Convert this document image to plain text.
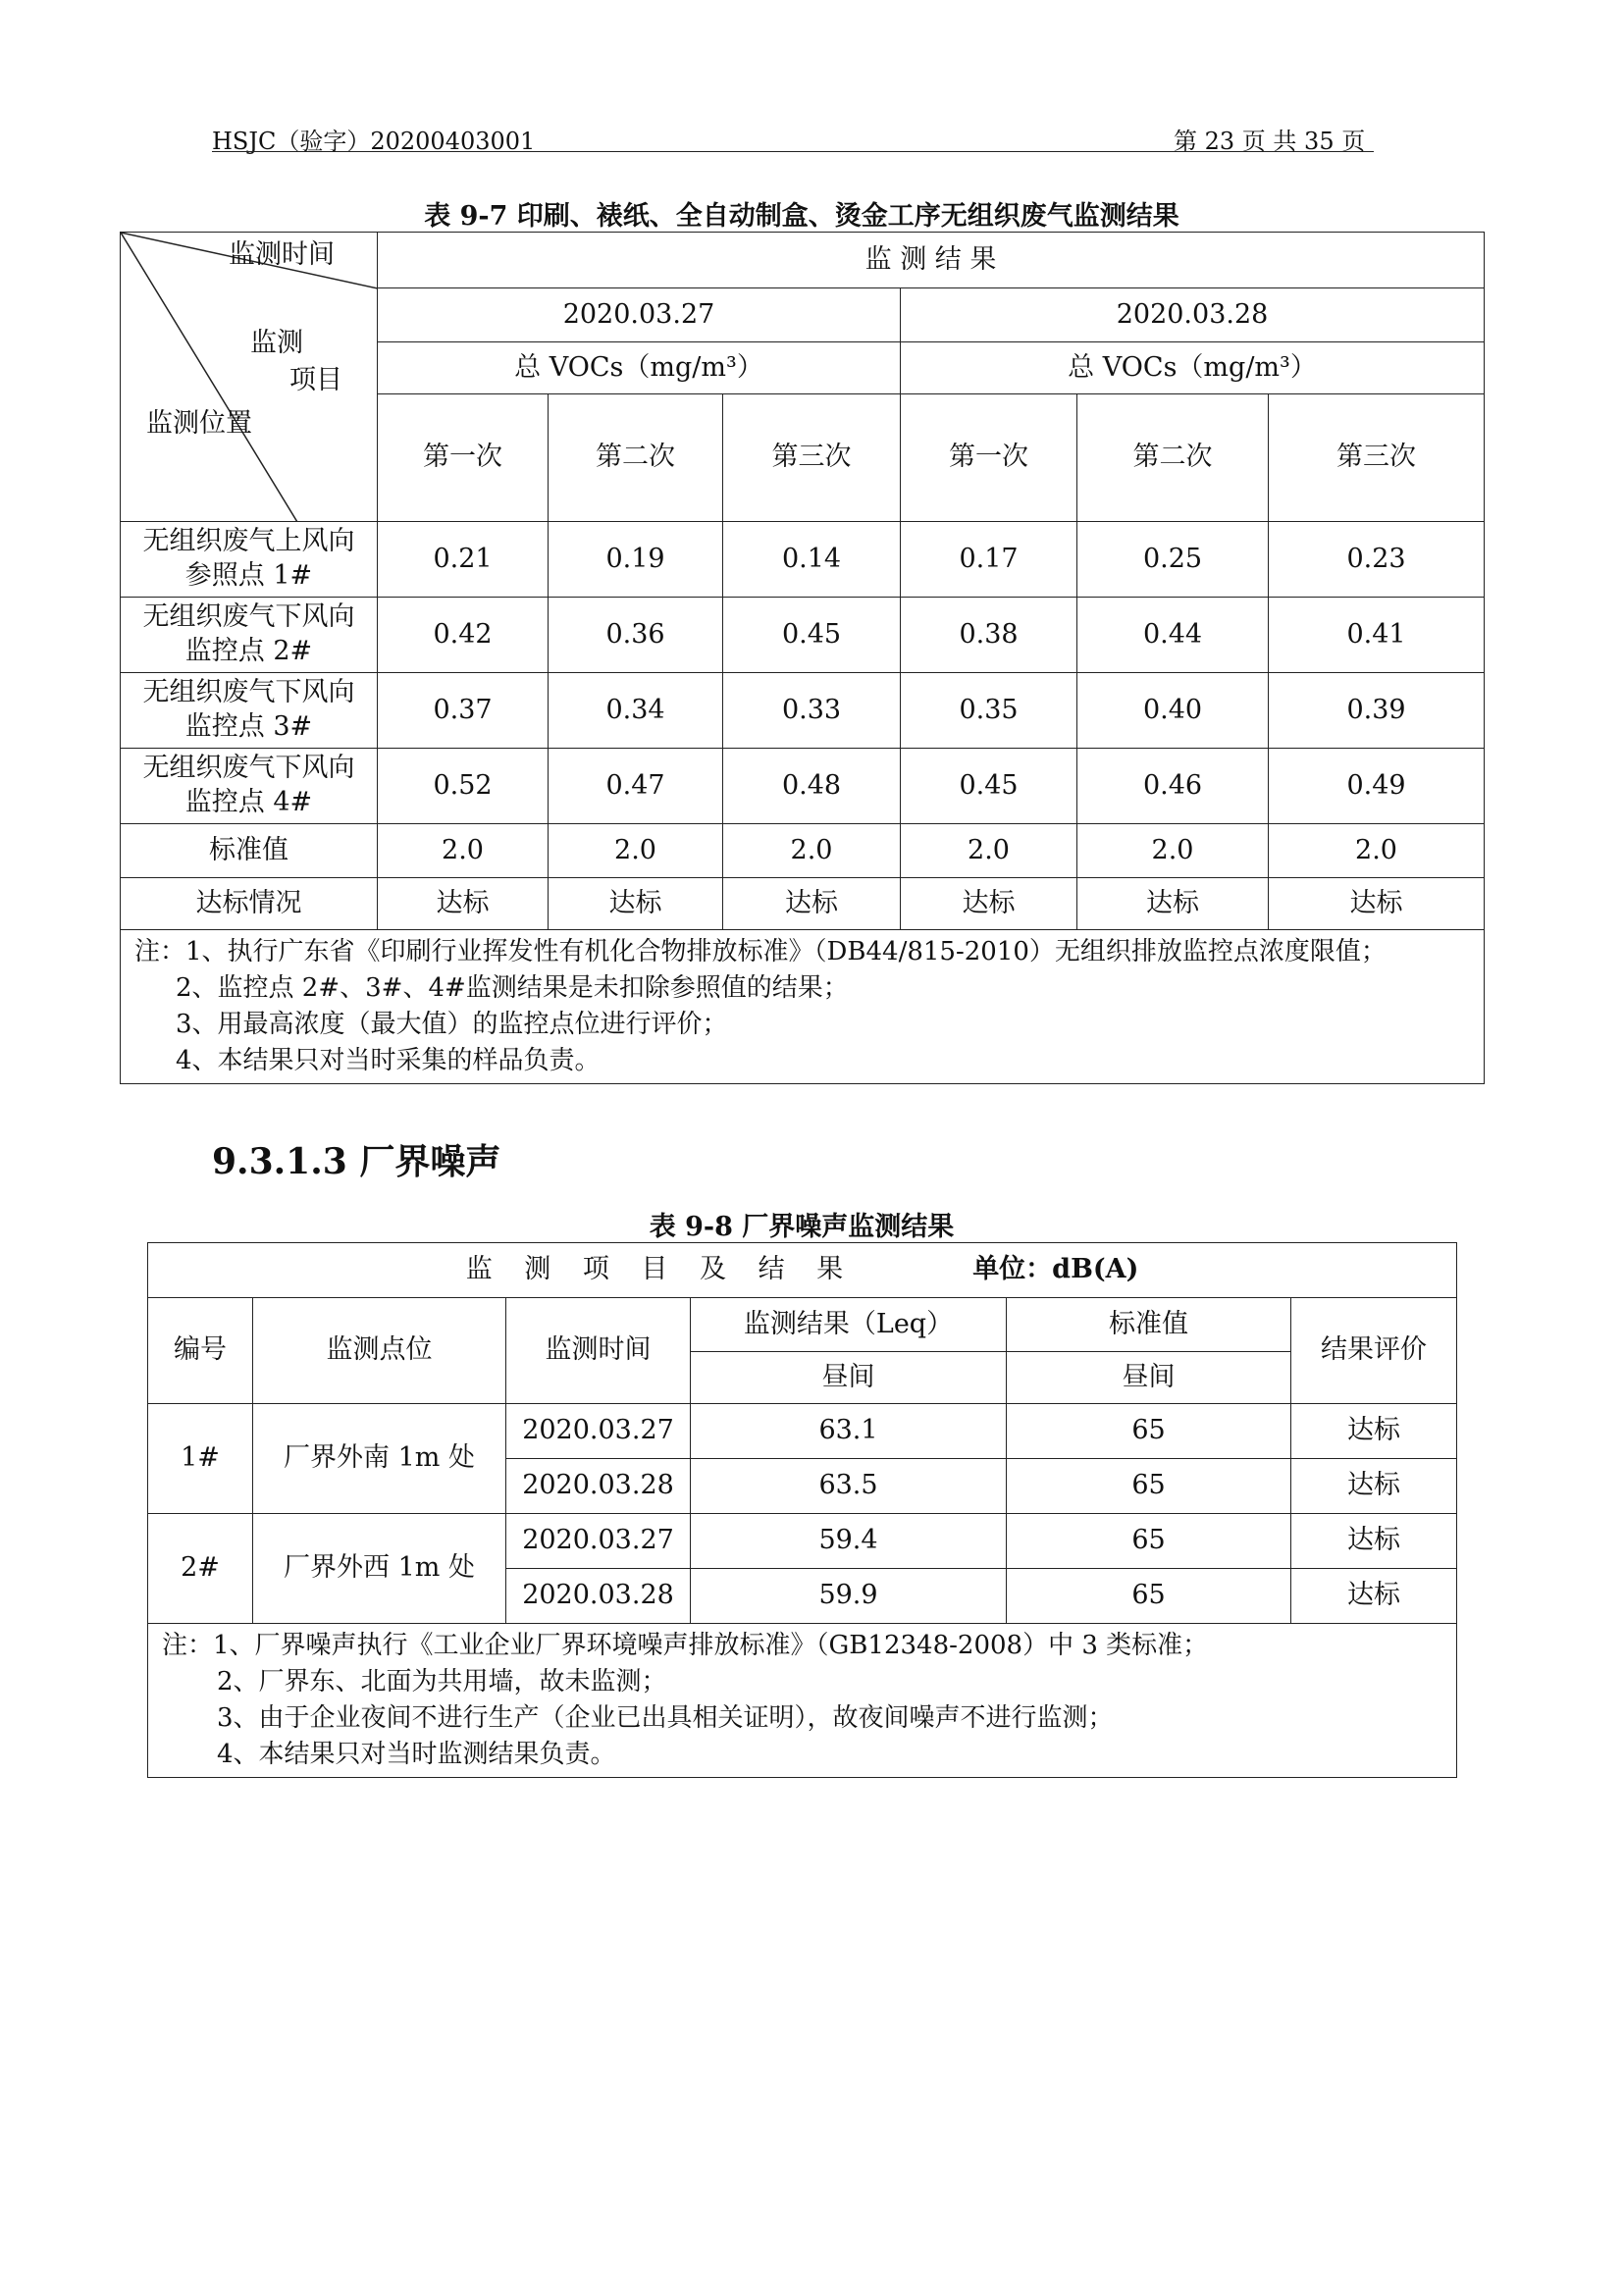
HSJC（验字）20200403001	第 23 页 共 35 页
表 9-7 印刷、裱纸、全自动制盒、烫金工序无组织废气监测结果
监测时间
监测
项目
监测位置	监 测 结 果					
	2020.03.27			2020.03.28		
	总 VOCs（mg/m³）			总 VOCs（mg/m³）		
	第一次	第二次	第三次	第一次	第二次	第三次

无组织废气上风向
参照点 1#	0.21	0.19	0.14	0.17	0.25	0.23

无组织废气下风向
监控点 2#	0.42	0.36	0.45	0.38	0.44	0.41

无组织废气下风向
监控点 3#	0.37	0.34	0.33	0.35	0.40	0.39

无组织废气下风向
监控点 4#	0.52	0.47	0.48	0.45	0.46	0.49
标准值	2.0	2.0	2.0	2.0	2.0	2.0
达标情况	达标	达标	达标	达标	达标	达标

注：1、执行广东省《印刷行业挥发性有机化合物排放标准》（DB44/815-2010）无组织排放监控点浓度限值；
2、监控点 2#、3#、4#监测结果是未扣除参照值的结果；
3、用最高浓度（最大值）的监控点位进行评价；
4、本结果只对当时采集的样品负责。						
9.3.1.3 厂界噪声
表 9-8 厂界噪声监测结果
监 测 项 目 及 结 果 单位：dB(A)					
编号	监测点位	监测时间	监测结果（Leq）	标准值	结果评价
			昼间	昼间	
1#	厂界外南 1m 处	2020.03.27	63.1	65	达标
		2020.03.28	63.5	65	达标
2#	厂界外西 1m 处	2020.03.27	59.4	65	达标
		2020.03.28	59.9	65	达标

注：1、厂界噪声执行《工业企业厂界环境噪声排放标准》（GB12348-2008）中 3 类标准；
2、厂界东、北面为共用墙，故未监测；
3、由于企业夜间不进行生产（企业已出具相关证明），故夜间噪声不进行监测；
4、本结果只对当时监测结果负责。					
